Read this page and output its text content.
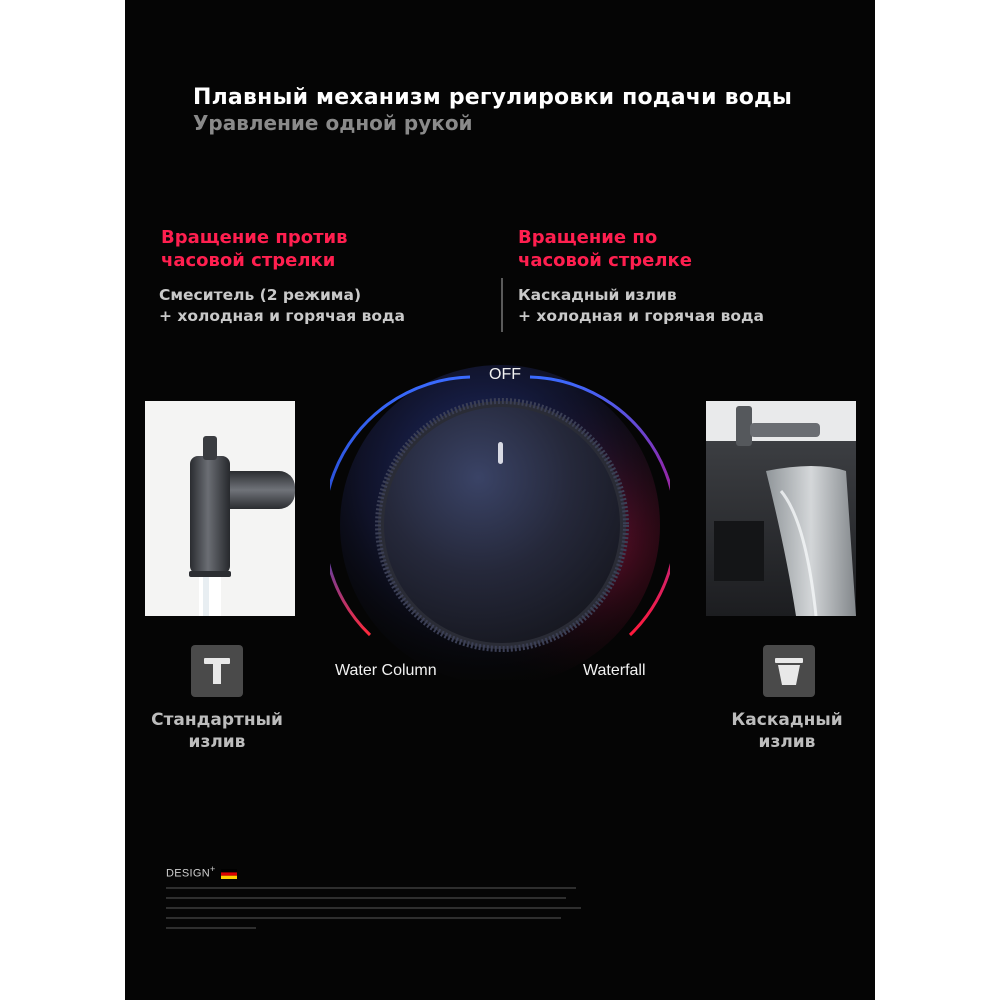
Плавный механизм регулировки подачи воды
Уравление одной рукой
Вращение против
часовой стрелки
Смеситель (2 режима)
+ холодная и горячая вода
Вращение по
часовой стрелке
Каскадный излив
+ холодная и горячая вода
OFF
Water Column	Waterfall
Стандартный
излив
Каскадный
излив
DESIGN+
